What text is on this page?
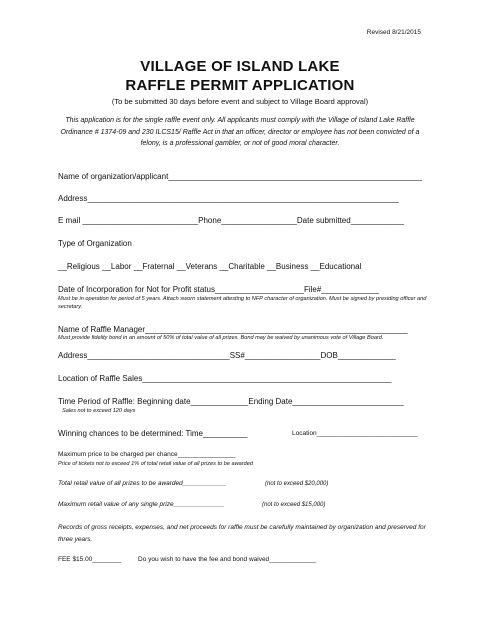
Revised 8/21/2015
VILLAGE OF ISLAND LAKE
RAFFLE PERMIT APPLICATION
(To be submitted 30 days before event and subject to Village Board approval)
This application is for the single raffle event only. All applicants must comply with the Village of Island Lake Raffle Ordinance # 1374-09 and 230 ILCS15/ Raffle Act in that an officer, director or employee has not been convicted of a felony, is a professional gambler, or not of good moral character.
Name of organization/applicant_________________________________________________________
Address______________________________________________________________________
E mail __________________________Phone_________________Date submitted____________
Type of Organization
__Religious __Labor __Fraternal __Veterans __Charitable __Business __Educational
Date of Incorporation for Not for Profit status____________________File#_____________
Must be in operation for period of 5 years. Attach sworn statement attesting to NFP character of organization. Must be signed by presiding officer and secretary.
Name of Raffle Manager___________________________________________________________
Must provide fidelity bond in an amount of 50% of total value of all prizes. Bond may be waived by unanimous vote of Village Board.
Address________________________________SS#_________________DOB_____________
Location of Raffle Sales________________________________________________________
Time Period of Raffle: Beginning date_____________Ending Date_________________________
Sales not to exceed 120 days
Winning chances to be determined: Time__________	Location____________________________
Maximum price to be charged per chance________________
Price of tickets not to exceed 1% of total retail value of all prizes to be awarded
Total retail value of all prizes to be awarded____________	(not to exceed $20,000)
Maximum retail value of any single prize______________	(not to exceed $15,000)
Records of gross receipts, expenses, and net proceeds for raffle must be carefully maintained by organization and preserved for three years.
FEE $15.00________	Do you wish to have the fee and bond waived_____________
